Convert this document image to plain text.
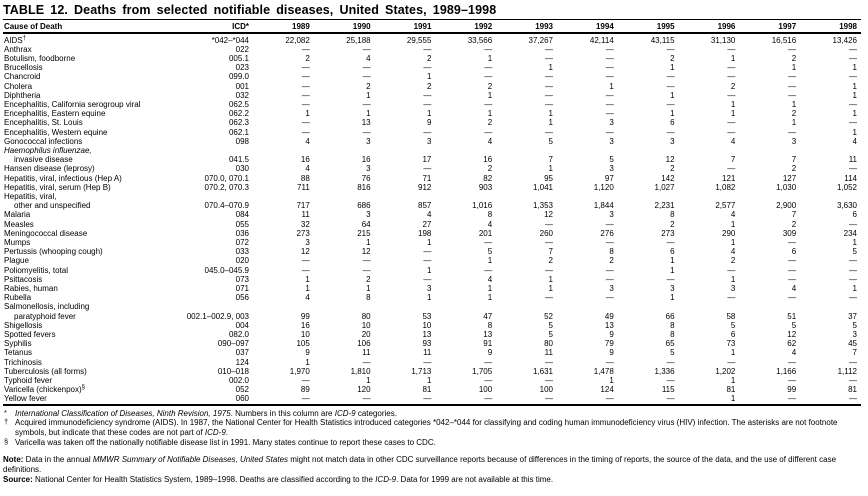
TABLE 12. Deaths from selected notifiable diseases, United States, 1989–1998
Cause of Death	ICD*	1989	1990	1991	1992	1993	1994	1995	1996	1997	1998

AIDS†	*042–*044	22,082	25,188	29,555	33,566	37,267	42,114	43,115	31,130	16,516	13,426

Anthrax	022	—	—	—	—	—	—	—	—	—	—

Botulism, foodborne	005.1	2	4	2	1	—	—	2	1	2	—

Brucellosis	023	—	—	—	—	1	—	1	—	1	1

Chancroid	099.0	—	—	1	—	—	—	—	—	—	—

Cholera	001	—	2	2	2	—	1	—	2	—	1

Diphtheria	032	—	1	—	1	—	—	1	—	—	1

Encephalitis, California serogroup viral	062.5	—	—	—	—	—	—	—	1	1	—

Encephalitis, Eastern equine	062.2	1	1	1	1	1	—	1	1	2	1

Encephalitis, St. Louis	062.3	—	13	9	2	1	3	6	—	1	—

Encephalitis, Western equine	062.1	—	—	—	—	—	—	—	—	—	1

Gonococcal infections	098	4	3	3	4	5	3	3	4	3	4

Haemophilus influenzae,
invasive disease	041.5	16	16	17	16	7	5	12	7	7	11

Hansen disease (leprosy)	030	4	3	—	2	1	3	2	—	2	—

Hepatitis, viral, infectious (Hep A)	070.0, 070.1	88	76	71	82	95	97	142	121	127	114

Hepatitis, viral, serum (Hep B)	070.2, 070.3	711	816	912	903	1,041	1,120	1,027	1,082	1,030	1,052

Hepatitis, viral,
other and unspecified	070.4–070.9	717	686	857	1,016	1,353	1,844	2,231	2,577	2,900	3,630

Malaria	084	11	3	4	8	12	3	8	4	7	6

Measles	055	32	64	27	4	—	—	2	1	2	—

Meningococcal disease	036	273	215	198	201	260	276	273	290	309	234

Mumps	072	3	1	1	—	—	—	—	1	—	1

Pertussis (whooping cough)	033	12	12	—	5	7	8	6	4	6	5

Plague	020	—	—	—	1	2	2	1	2	—	—

Poliomyelitis, total	045.0–045.9	—	—	1	—	—	—	1	—	—	—

Psittacosis	073	1	2	—	4	1	—	—	1	—	—

Rabies, human	071	1	1	3	1	1	3	3	3	4	1

Rubella	056	4	8	1	1	—	—	1	—	—	—

Salmonellosis, including
paratyphoid fever	002.1–002.9, 003	99	80	53	47	52	49	66	58	51	37

Shigellosis	004	16	10	10	8	5	13	8	5	5	5

Spotted fevers	082.0	10	20	13	13	5	9	8	6	12	3

Syphilis	090–097	105	106	93	91	80	79	65	73	62	45

Tetanus	037	9	11	11	9	11	9	5	1	4	7

Trichinosis	124	1	—	—	—	—	—	—	—	—	—

Tuberculosis (all forms)	010–018	1,970	1,810	1,713	1,705	1,631	1,478	1,336	1,202	1,166	1,112

Typhoid fever	002.0	—	1	1	—	—	1	—	1	—	—

Varicella (chickenpox)§	052	89	120	81	100	100	124	115	81	99	81

Yellow fever	060	—	—	—	—	—	—	—	1	—	—
* International Classification of Diseases, Ninth Revision, 1975. Numbers in this column are ICD-9 categories.
† Acquired immunodeficiency syndrome (AIDS). In 1987, the National Center for Health Statistics introduced categories *042–*044 for classifying and coding human immunodeficiency virus (HIV) infection. The asterisks are not footnote symbols, but indicate that these codes are not part of ICD-9.
§ Varicella was taken off the nationally notifiable disease list in 1991. Many states continue to report these cases to CDC.

Note: Data in the annual MMWR Summary of Notifiable Diseases, United States might not match data in other CDC surveillance reports because of differences in the timing of reports, the source of the data, and the use of different case definitions.

Source: National Center for Health Statistics System, 1989–1998. Deaths are classified according to the ICD-9. Data for 1999 are not available at this time.
